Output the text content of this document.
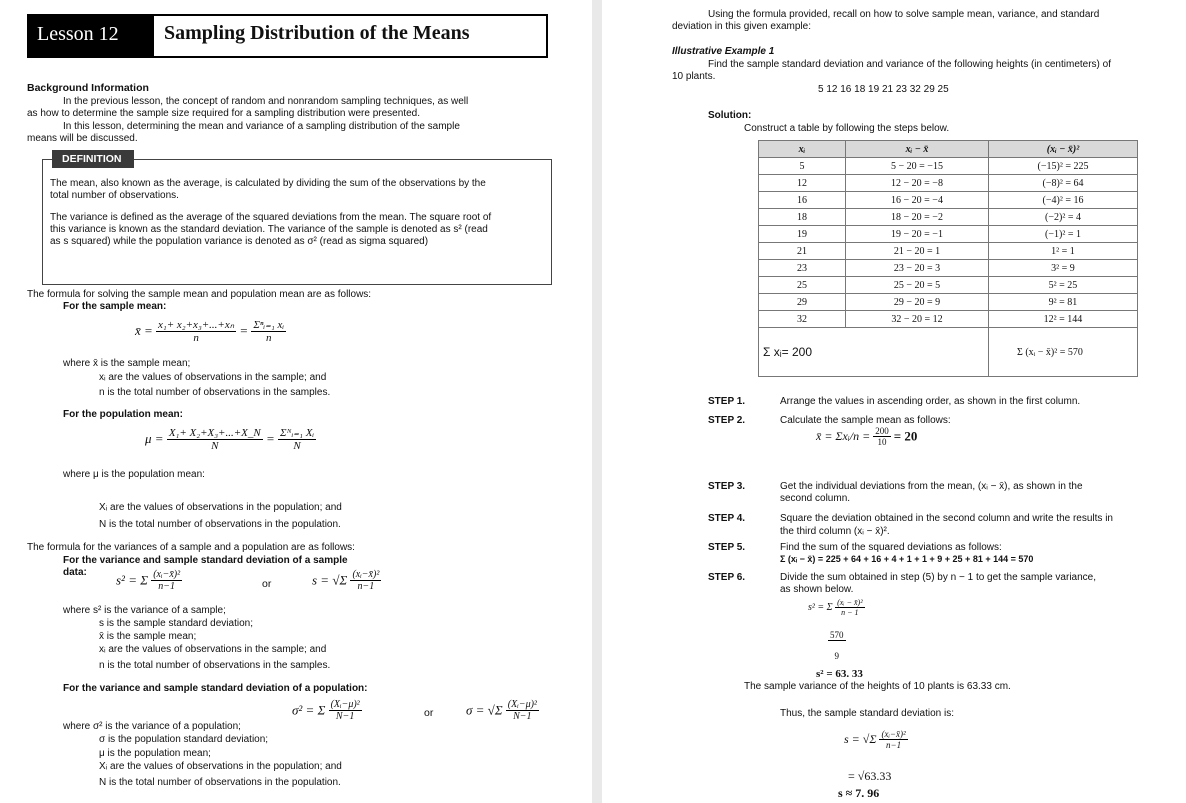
Lesson 12 Sampling Distribution of the Means
Background Information
In the previous lesson, the concept of random and nonrandom sampling techniques, as well
as how to determine the sample size required for a sampling distribution were presented.
In this lesson, determining the mean and variance of a sampling distribution of the sample
means will be discussed.
DEFINITION
The mean, also known as the average, is calculated by dividing the sum of the observations by the
total number of observations.
The variance is defined as the average of the squared deviations from the mean. The square root of
this variance is known as the standard deviation. The variance of the sample is denoted as s² (read
as s squared) while the population variance is denoted as σ² (read as sigma squared)
The formula for solving the sample mean and population mean are as follows:
For the sample mean:
x̄ = $\frac{\text{x₁+ x₂+x₃+...+xₙ}}{n} = \frac{\text{Σⁿᵢ₌₁ xᵢ}}{n}$
where x̄ is the sample mean;
xᵢ are the values of observations in the sample; and
n is the total number of observations in the samples.
For the population mean:
$\mu = \frac{\text{X₁+ X₂+X₃+...+X\_N}}{N} = \frac{\text{Σᴺᵢ₌₁ Xᵢ}}{N}$
where μ is the population mean:
Xᵢ are the values of observations in the population; and
N is the total number of observations in the population.
The formula for the variances of a sample and a population are as follows:
For the variance and sample standard deviation of a sample
data: s² = Σ $\frac{\text{(xᵢ−x̄)²}}{n-1}$	or	$s = √\Sigma \frac{\text{(xᵢ−x̄)²}}{n-1}$
where s² is the variance of a sample;
s is the sample standard deviation;
x̄ is the sample mean;
xᵢ are the values of observations in the sample; and
n is the total number of observations in the samples.
For the variance and sample standard deviation of a population:
σ² = Σ $\frac{\text{(Xᵢ−μ)²}}{N-1}$	or	$\sigma = √\Sigma \frac{\text{(Xᵢ−μ)²}}{N-1}$
where σ² is the variance of a population;
σ is the population standard deviation;
μ is the population mean;
Xᵢ are the values of observations in the population; and
N is the total number of observations in the population.
Using the formula provided, recall on how to solve sample mean, variance, and standard
deviation in this given example:
Illustrative Example 1
Find the sample standard deviation and variance of the following heights (in centimeters) of
10 plants.
5 12 16 18 19 21 23 32 29 25
Solution:
Construct a table by following the steps below.
xᵢ	xᵢ − x̄	(xᵢ − x̄)²
5	5 − 20 = −15	(−15)² = 225
12	12 − 20 = −8	(−8)² = 64
16	16 − 20 = −4	(−4)² = 16
18	18 − 20 = −2	(−2)² = 4
19	19 − 20 = −1	(−1)² = 1
21	21 − 20 = 1	1² = 1
23	23 − 20 = 3	3² = 9
25	25 − 20 = 5	5² = 25
29	29 − 20 = 9	9² = 81
32	32 − 20 = 12	12² = 144
Σ xᵢ= 200		Σ (xᵢ − x̄)² = 570
STEP 1.	Arrange the values in ascending order, as shown in the first column.
STEP 2.	Calculate the sample mean as follows:
x̄ = Σxᵢ/n = $\frac{200}{10} = 20$
STEP 3.	Get the individual deviations from the mean, (xᵢ − x̄), as shown in the
second column.
STEP 4.	Square the deviation obtained in the second column and write the results in
the third column (xᵢ − x̄)².
STEP 5.	Find the sum of the squared deviations as follows:
Σ (xᵢ − x̄) = 225 + 64 + 16 + 4 + 1 + 1 + 9 + 25 + 81 + 144 = 570
STEP 6.	Divide the sum obtained in step (5) by n − 1 to get the sample variance,
as shown below.
s² = Σ $\frac{\text{(xᵢ − x̄)²}}{n - 1}$
$\frac{570}{9}$
s² = 63. 33
The sample variance of the heights of 10 plants is 63.33 cm.
Thus, the sample standard deviation is:
$s = √\Sigma \frac{\text{(xᵢ−x̄)²}}{n-1}$
= √63.33
s ≈ 7. 96
